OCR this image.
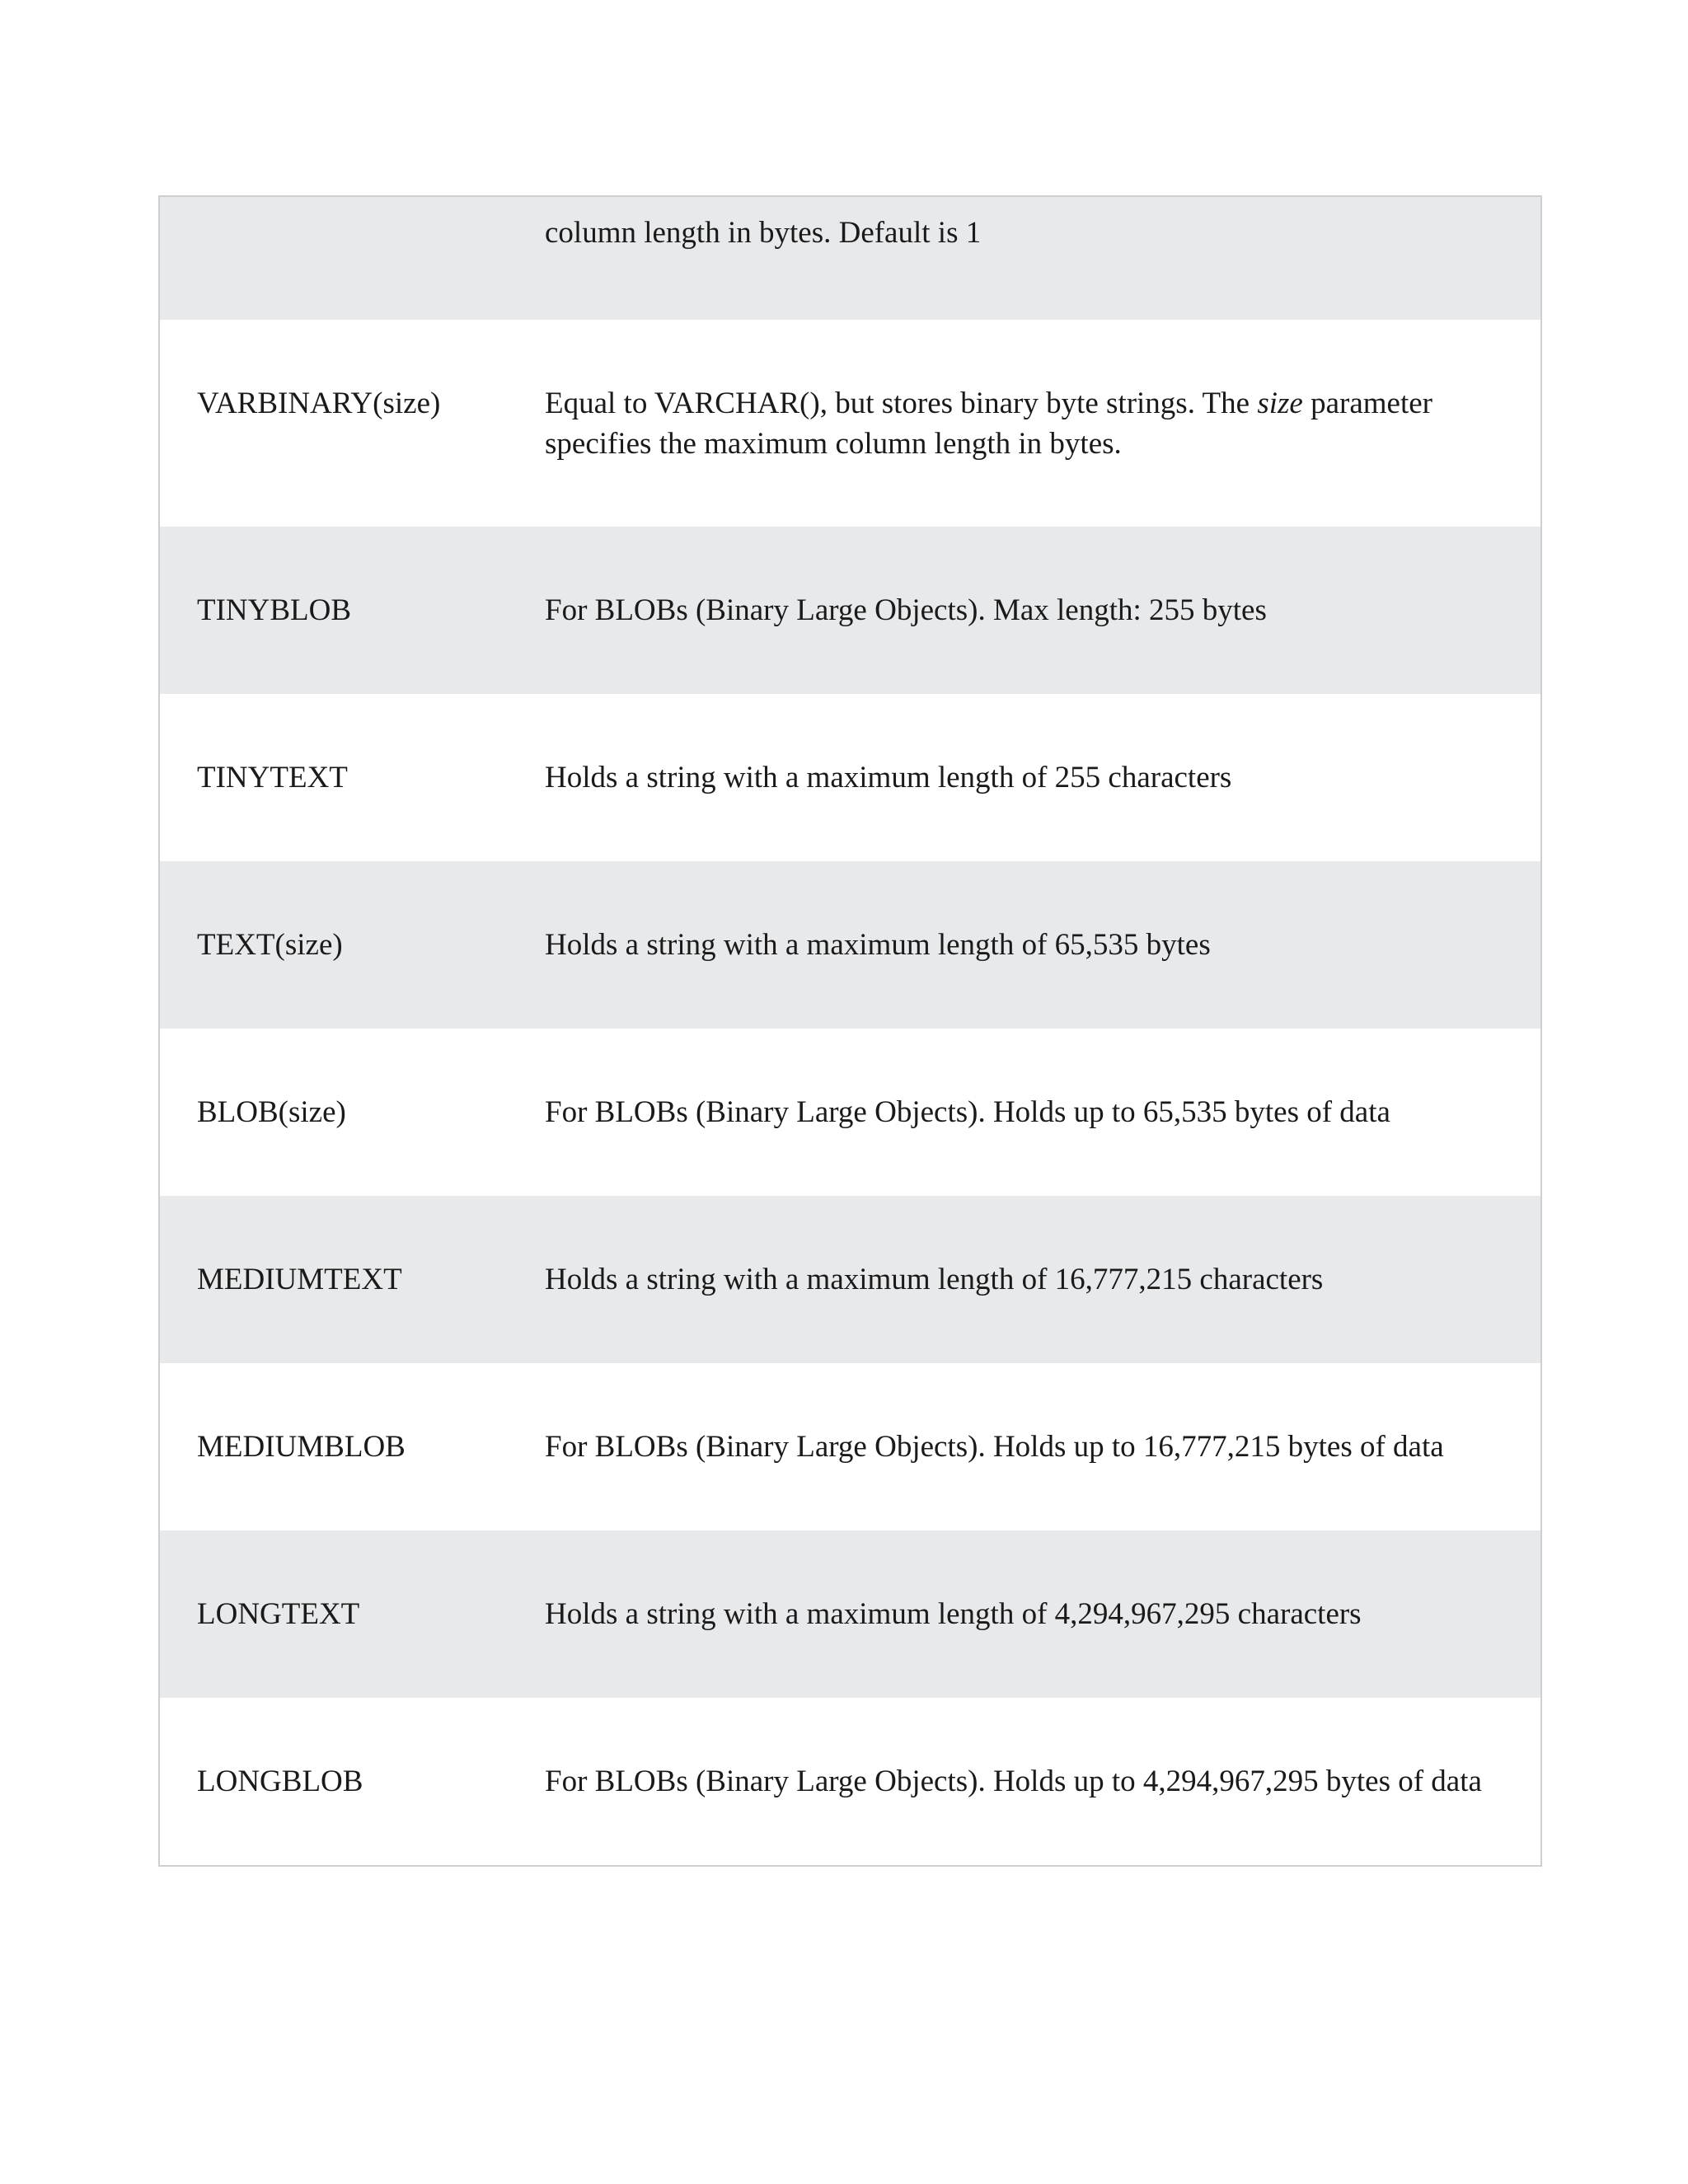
column length in bytes. Default is 1
VARBINARY(size)	Equal to VARCHAR(), but stores binary byte strings. The size parameter specifies the maximum column length in bytes.
TINYBLOB	For BLOBs (Binary Large Objects). Max length: 255 bytes
TINYTEXT	Holds a string with a maximum length of 255 characters
TEXT(size)	Holds a string with a maximum length of 65,535 bytes
BLOB(size)	For BLOBs (Binary Large Objects). Holds up to 65,535 bytes of data
MEDIUMTEXT	Holds a string with a maximum length of 16,777,215 characters
MEDIUMBLOB	For BLOBs (Binary Large Objects). Holds up to 16,777,215 bytes of data
LONGTEXT	Holds a string with a maximum length of 4,294,967,295 characters
LONGBLOB	For BLOBs (Binary Large Objects). Holds up to 4,294,967,295 bytes of data
